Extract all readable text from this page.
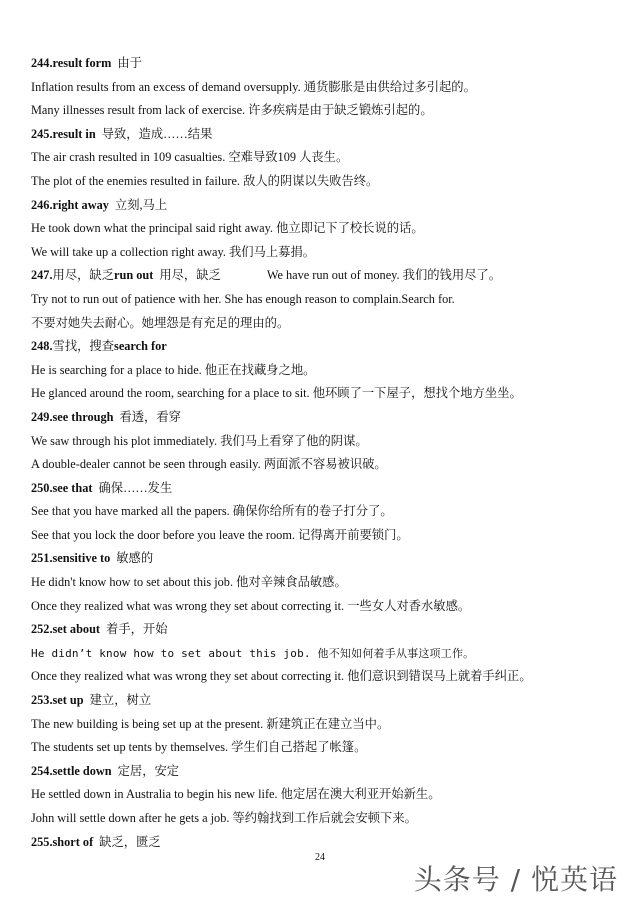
244.result form 由于
Inflation results from an excess of demand oversupply. 通货膨胀是由供给过多引起的。
Many illnesses result from lack of exercise. 许多疾病是由于缺乏锻炼引起的。
245.result in 导致，造成……结果
The air crash resulted in 109 casualties. 空难导致109 人丧生。
The plot of the enemies resulted in failure. 敌人的阴谋以失败告终。
246.right away 立刻,马上
He took down what the principal said right away. 他立即记下了校长说的话。
We will take up a collection right away. 我们马上募捐。
247.用尽，缺乏run out 用尽，缺乏	We have run out of money. 我们的钱用尽了。
Try not to run out of patience with her. She has enough reason to complain.Search for.
不要对她失去耐心。她埋怨是有充足的理由的。
248.雪找，搜查search for
He is searching for a place to hide. 他正在找藏身之地。
He glanced around the room, searching for a place to sit. 他环顾了一下屋子，想找个地方坐坐。
249.see through 看透，看穿
We saw through his plot immediately. 我们马上看穿了他的阴谋。
A double-dealer cannot be seen through easily. 两面派不容易被识破。
250.see that 确保……发生
See that you have marked all the papers. 确保你给所有的卷子打分了。
See that you lock the door before you leave the room. 记得离开前要锁门。
251.sensitive to 敏感的
He didn't know how to set about this job. 他对辛辣食品敏感。
Once they realized what was wrong they set about correcting it. 一些女人对香水敏感。
252.set about 着手，开始
He didn’t know how to set about this job. 他不知如何着手从事这项工作。
Once they realized what was wrong they set about correcting it. 他们意识到错误马上就着手纠正。
253.set up 建立，树立
The new building is being set up at the present. 新建筑正在建立当中。
The students set up tents by themselves. 学生们自己搭起了帐篷。
254.settle down 定居，安定
He settled down in Australia to begin his new life. 他定居在澳大利亚开始新生。
John will settle down after he gets a job. 等约翰找到工作后就会安顿下来。
255.short of 缺乏，匮乏
24
头条号 / 悦英语
